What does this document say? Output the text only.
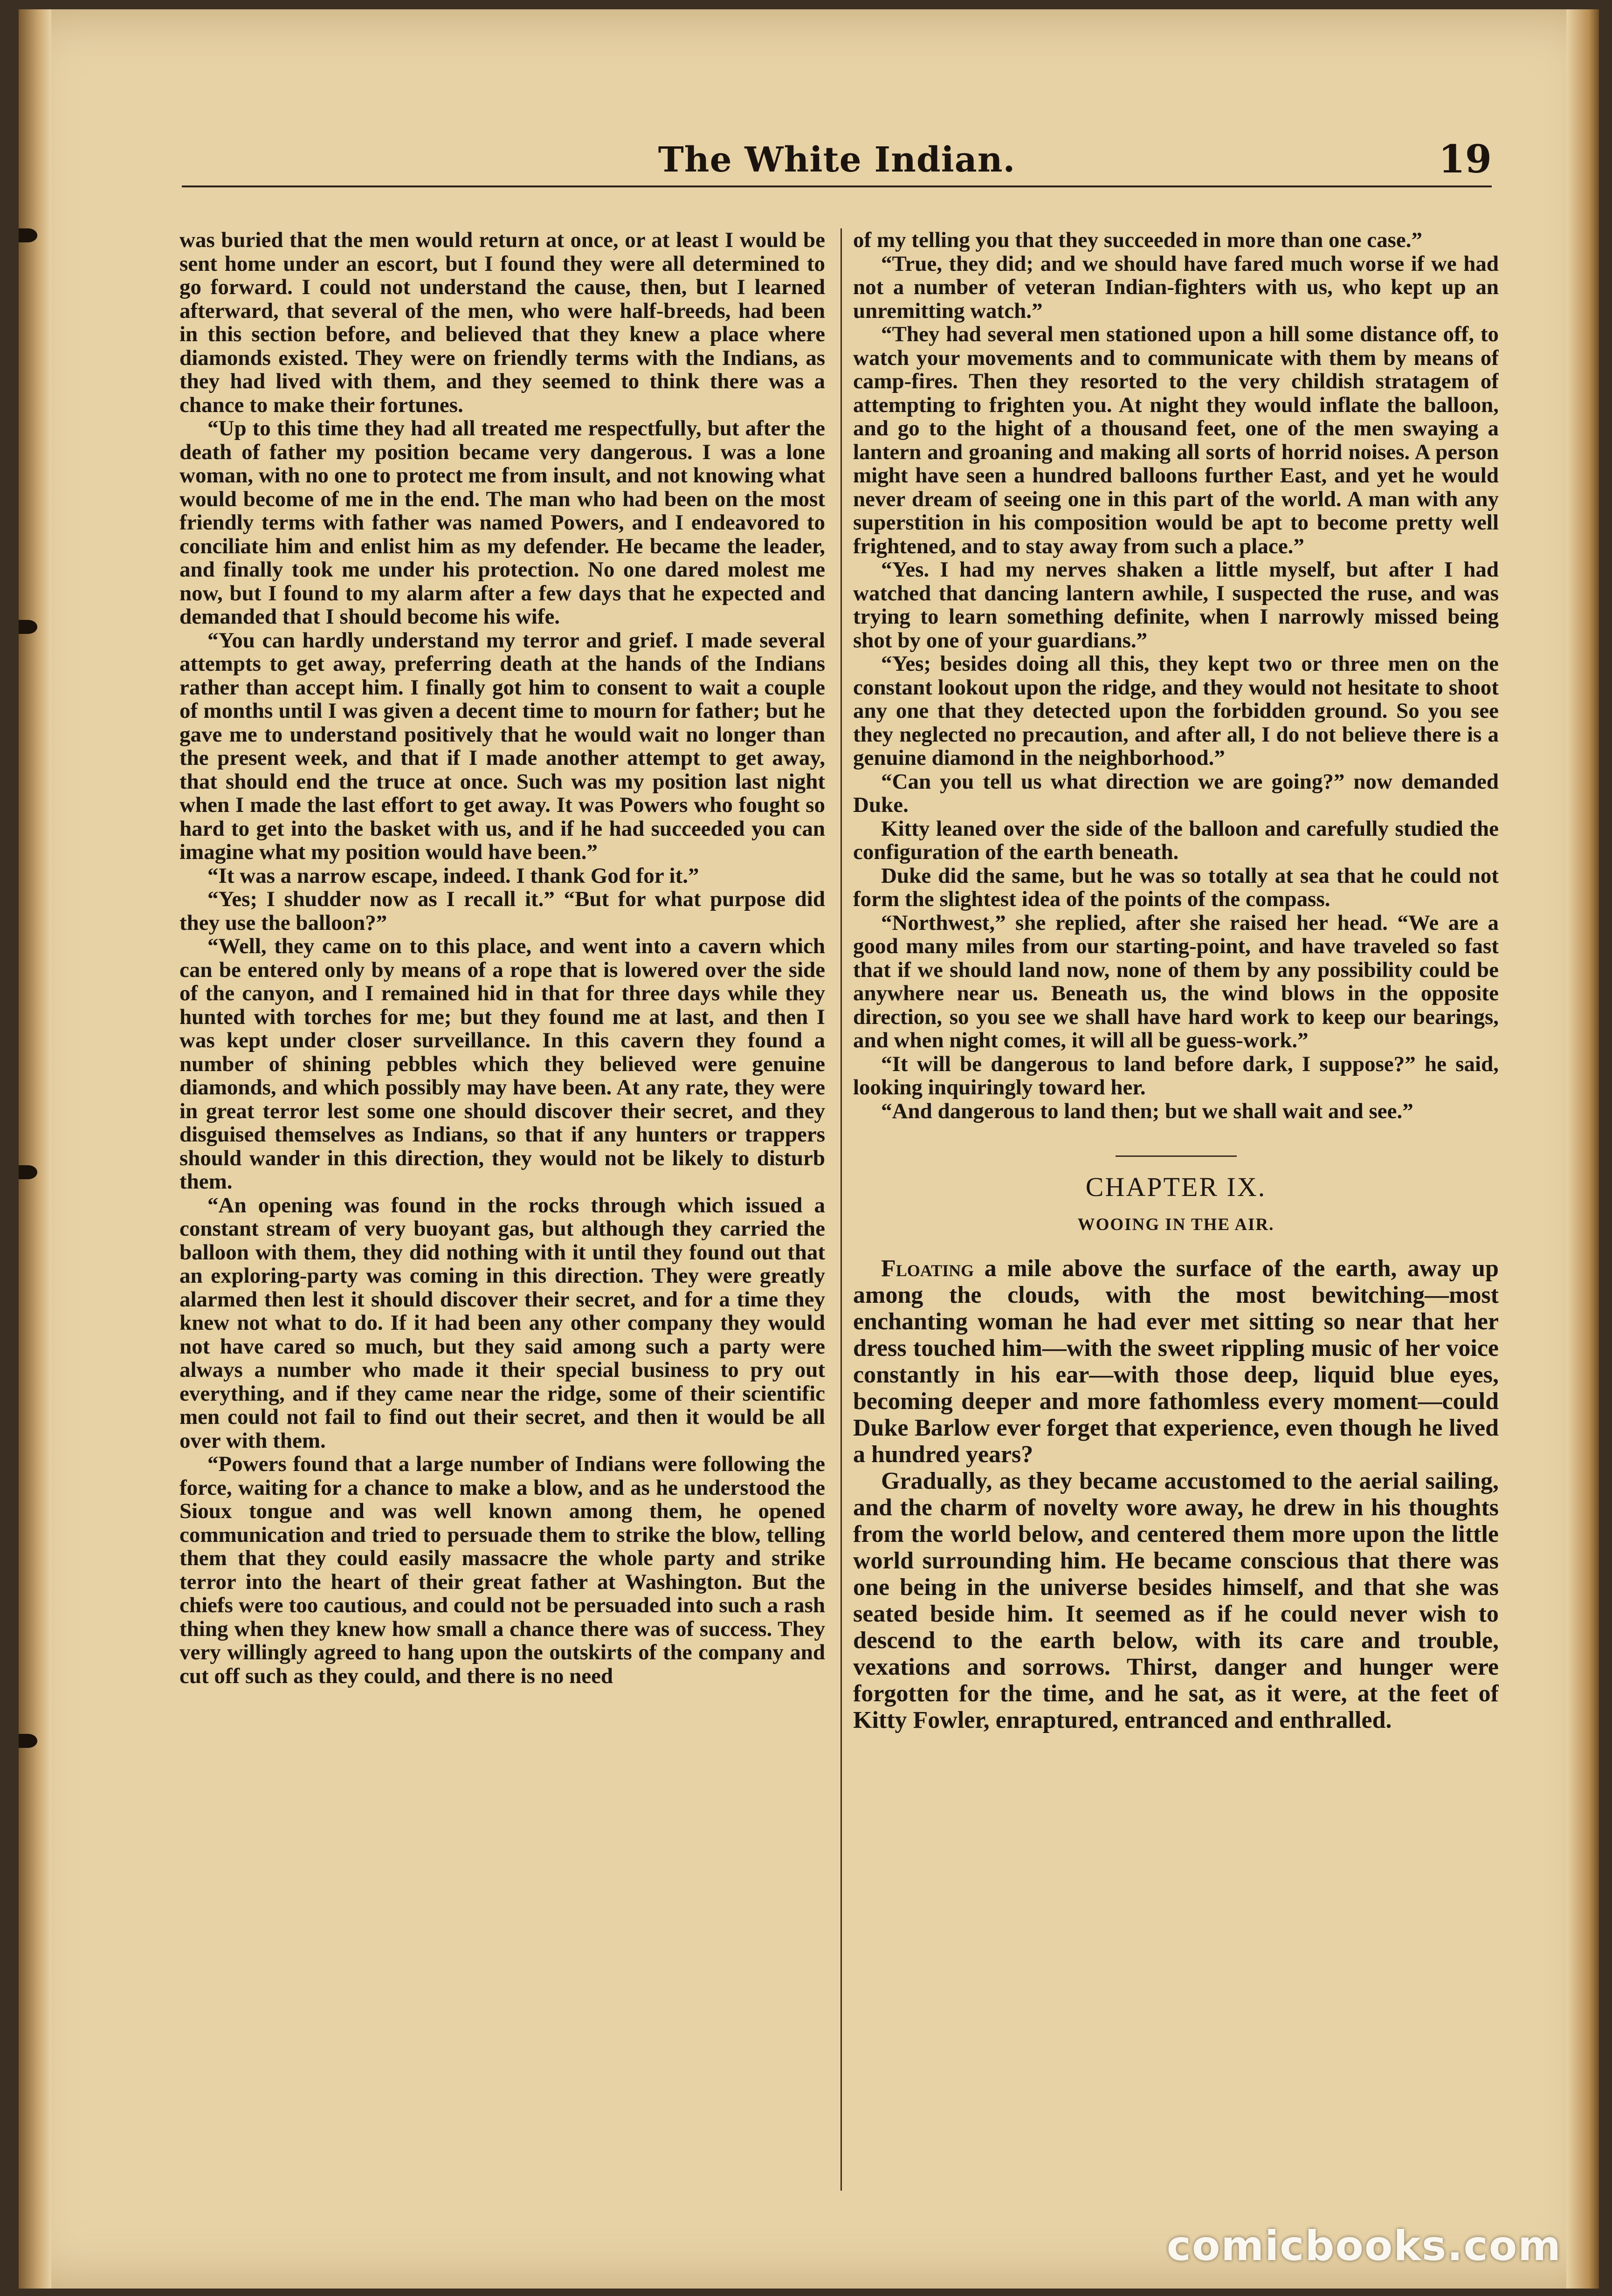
The White Indian.	19

was buried that the men would return at once, or at least I would be sent home under an escort, but I found they were all determined to go forward. I could not understand the cause, then, but I learned afterward, that several of the men, who were half-breeds, had been in this section before, and believed that they knew a place where diamonds existed. They were on friendly terms with the Indians, as they had lived with them, and they seemed to think there was a chance to make their fortunes.

“Up to this time they had all treated me respectfully, but after the death of father my position became very dangerous. I was a lone woman, with no one to protect me from insult, and not knowing what would become of me in the end. The man who had been on the most friendly terms with father was named Powers, and I endeavored to conciliate him and enlist him as my defender. He became the leader, and finally took me under his protection. No one dared molest me now, but I found to my alarm after a few days that he expected and demanded that I should become his wife.

“You can hardly understand my terror and grief. I made several attempts to get away, preferring death at the hands of the Indians rather than accept him. I finally got him to consent to wait a couple of months until I was given a decent time to mourn for father; but he gave me to understand positively that he would wait no longer than the present week, and that if I made another attempt to get away, that should end the truce at once. Such was my position last night when I made the last effort to get away. It was Powers who fought so hard to get into the basket with us, and if he had succeeded you can imagine what my position would have been.”

“It was a narrow escape, indeed. I thank God for it.”

“Yes; I shudder now as I recall it.” “But for what purpose did they use the balloon?”

“Well, they came on to this place, and went into a cavern which can be entered only by means of a rope that is lowered over the side of the canyon, and I remained hid in that for three days while they hunted with torches for me; but they found me at last, and then I was kept under closer surveillance. In this cavern they found a number of shining pebbles which they believed were genuine diamonds, and which possibly may have been. At any rate, they were in great terror lest some one should discover their secret, and they disguised themselves as Indians, so that if any hunters or trappers should wander in this direction, they would not be likely to disturb them.

“An opening was found in the rocks through which issued a constant stream of very buoyant gas, but although they carried the balloon with them, they did nothing with it until they found out that an exploring-party was coming in this direction. They were greatly alarmed then lest it should discover their secret, and for a time they knew not what to do. If it had been any other company they would not have cared so much, but they said among such a party were always a number who made it their special business to pry out everything, and if they came near the ridge, some of their scientific men could not fail to find out their secret, and then it would be all over with them.

“Powers found that a large number of Indians were following the force, waiting for a chance to make a blow, and as he understood the Sioux tongue and was well known among them, he opened communication and tried to persuade them to strike the blow, telling them that they could easily massacre the whole party and strike terror into the heart of their great father at Washington. But the chiefs were too cautious, and could not be persuaded into such a rash thing when they knew how small a chance there was of success. They very willingly agreed to hang upon the outskirts of the company and cut off such as they could, and there is no need

of my telling you that they succeeded in more than one case.”

“True, they did; and we should have fared much worse if we had not a number of veteran Indian-fighters with us, who kept up an unremitting watch.”

“They had several men stationed upon a hill some distance off, to watch your movements and to communicate with them by means of camp-fires. Then they resorted to the very childish stratagem of attempting to frighten you. At night they would inflate the balloon, and go to the hight of a thousand feet, one of the men swaying a lantern and groaning and making all sorts of horrid noises. A person might have seen a hundred balloons further East, and yet he would never dream of seeing one in this part of the world. A man with any superstition in his composition would be apt to become pretty well frightened, and to stay away from such a place.”

“Yes. I had my nerves shaken a little myself, but after I had watched that dancing lantern awhile, I suspected the ruse, and was trying to learn something definite, when I narrowly missed being shot by one of your guardians.”

“Yes; besides doing all this, they kept two or three men on the constant lookout upon the ridge, and they would not hesitate to shoot any one that they detected upon the forbidden ground. So you see they neglected no precaution, and after all, I do not believe there is a genuine diamond in the neighborhood.”

“Can you tell us what direction we are going?” now demanded Duke.

Kitty leaned over the side of the balloon and carefully studied the configuration of the earth beneath.

Duke did the same, but he was so totally at sea that he could not form the slightest idea of the points of the compass.

“Northwest,” she replied, after she raised her head. “We are a good many miles from our starting-point, and have traveled so fast that if we should land now, none of them by any possibility could be anywhere near us. Beneath us, the wind blows in the opposite direction, so you see we shall have hard work to keep our bearings, and when night comes, it will all be guess-work.”

“It will be dangerous to land before dark, I suppose?” he said, looking inquiringly toward her.

“And dangerous to land then; but we shall wait and see.”

CHAPTER IX.
WOOING IN THE AIR.

Floating a mile above the surface of the earth, away up among the clouds, with the most bewitching—most enchanting woman he had ever met sitting so near that her dress touched him—with the sweet rippling music of her voice constantly in his ear—with those deep, liquid blue eyes, becoming deeper and more fathomless every moment—could Duke Barlow ever forget that experience, even though he lived a hundred years?

Gradually, as they became accustomed to the aerial sailing, and the charm of novelty wore away, he drew in his thoughts from the world below, and centered them more upon the little world surrounding him. He became conscious that there was one being in the universe besides himself, and that she was seated beside him. It seemed as if he could never wish to descend to the earth below, with its care and trouble, vexations and sorrows. Thirst, danger and hunger were forgotten for the time, and he sat, as it were, at the feet of Kitty Fowler, enraptured, entranced and enthralled.

comicbooks.com
